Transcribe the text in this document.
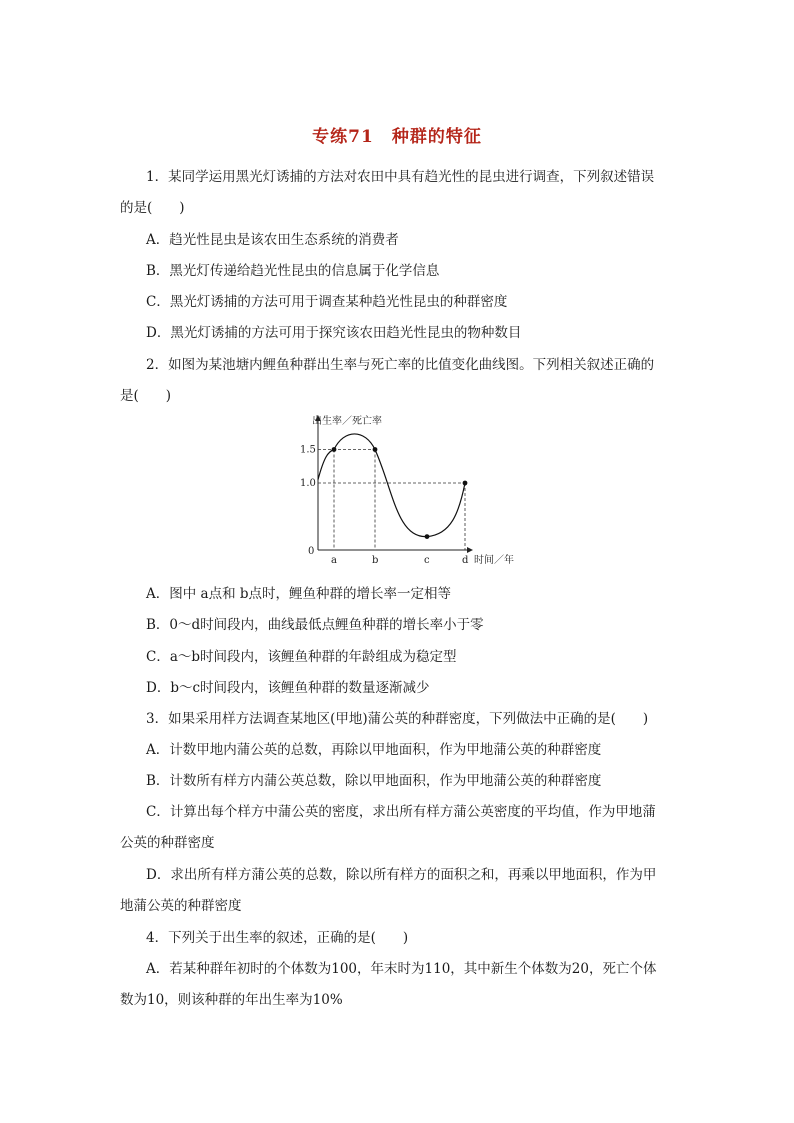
专练71　种群的特征
1．某同学运用黑光灯诱捕的方法对农田中具有趋光性的昆虫进行调查，下列叙述错误
的是(　　)
A．趋光性昆虫是该农田生态系统的消费者
B．黑光灯传递给趋光性昆虫的信息属于化学信息
C．黑光灯诱捕的方法可用于调查某种趋光性昆虫的种群密度
D．黑光灯诱捕的方法可用于探究该农田趋光性昆虫的物种数目
2．如图为某池塘内鲤鱼种群出生率与死亡率的比值变化曲线图。下列相关叙述正确的
是(　　)
出生率／死亡率
时间／年
0
1.5
1.0
a	b	c	d
A．图中 a点和 b点时，鲤鱼种群的增长率一定相等
B．0～d时间段内，曲线最低点鲤鱼种群的增长率小于零
C．a～b时间段内，该鲤鱼种群的年龄组成为稳定型
D．b～c时间段内，该鲤鱼种群的数量逐渐减少
3．如果采用样方法调查某地区(甲地)蒲公英的种群密度，下列做法中正确的是(　　)
A．计数甲地内蒲公英的总数，再除以甲地面积，作为甲地蒲公英的种群密度
B．计数所有样方内蒲公英总数，除以甲地面积，作为甲地蒲公英的种群密度
C．计算出每个样方中蒲公英的密度，求出所有样方蒲公英密度的平均值，作为甲地蒲
公英的种群密度
D．求出所有样方蒲公英的总数，除以所有样方的面积之和，再乘以甲地面积，作为甲
地蒲公英的种群密度
4．下列关于出生率的叙述，正确的是(　　)
A．若某种群年初时的个体数为100，年末时为110，其中新生个体数为20，死亡个体
数为10，则该种群的年出生率为10%
